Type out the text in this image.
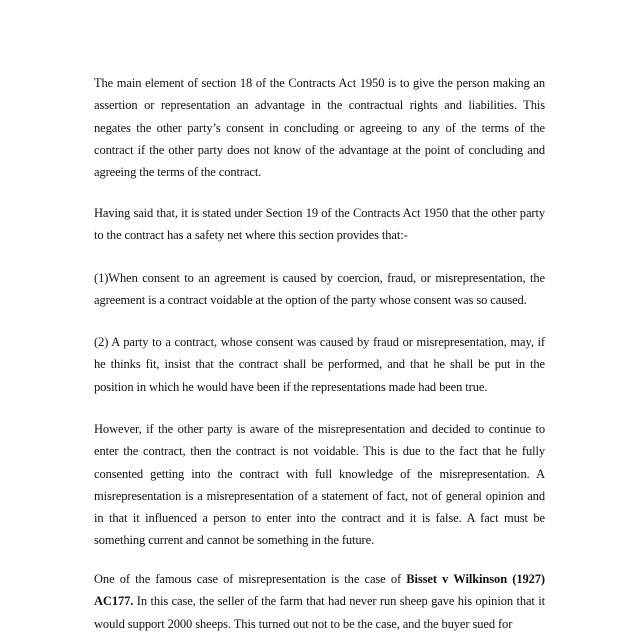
The main element of section 18 of the Contracts Act 1950 is to give the person making an assertion or representation an advantage in the contractual rights and liabilities. This negates the other party’s consent in concluding or agreeing to any of the terms of the contract if the other party does not know of the advantage at the point of concluding and agreeing the terms of the contract.

Having said that, it is stated under Section 19 of the Contracts Act 1950 that the other party to the contract has a safety net where this section provides that:-

(1)When consent to an agreement is caused by coercion, fraud, or misrepresentation, the agreement is a contract voidable at the option of the party whose consent was so caused.

(2) A party to a contract, whose consent was caused by fraud or misrepresentation, may, if he thinks fit, insist that the contract shall be performed, and that he shall be put in the position in which he would have been if the representations made had been true.

However, if the other party is aware of the misrepresentation and decided to continue to enter the contract, then the contract is not voidable. This is due to the fact that he fully consented getting into the contract with full knowledge of the misrepresentation. A misrepresentation is a misrepresentation of a statement of fact, not of general opinion and in that it influenced a person to enter into the contract and it is false. A fact must be something current and cannot be something in the future.

One of the famous case of misrepresentation is the case of Bisset v Wilkinson (1927) AC177. In this case, the seller of the farm that had never run sheep gave his opinion that it would support 2000 sheeps. This turned out not to be the case, and the buyer sued for
